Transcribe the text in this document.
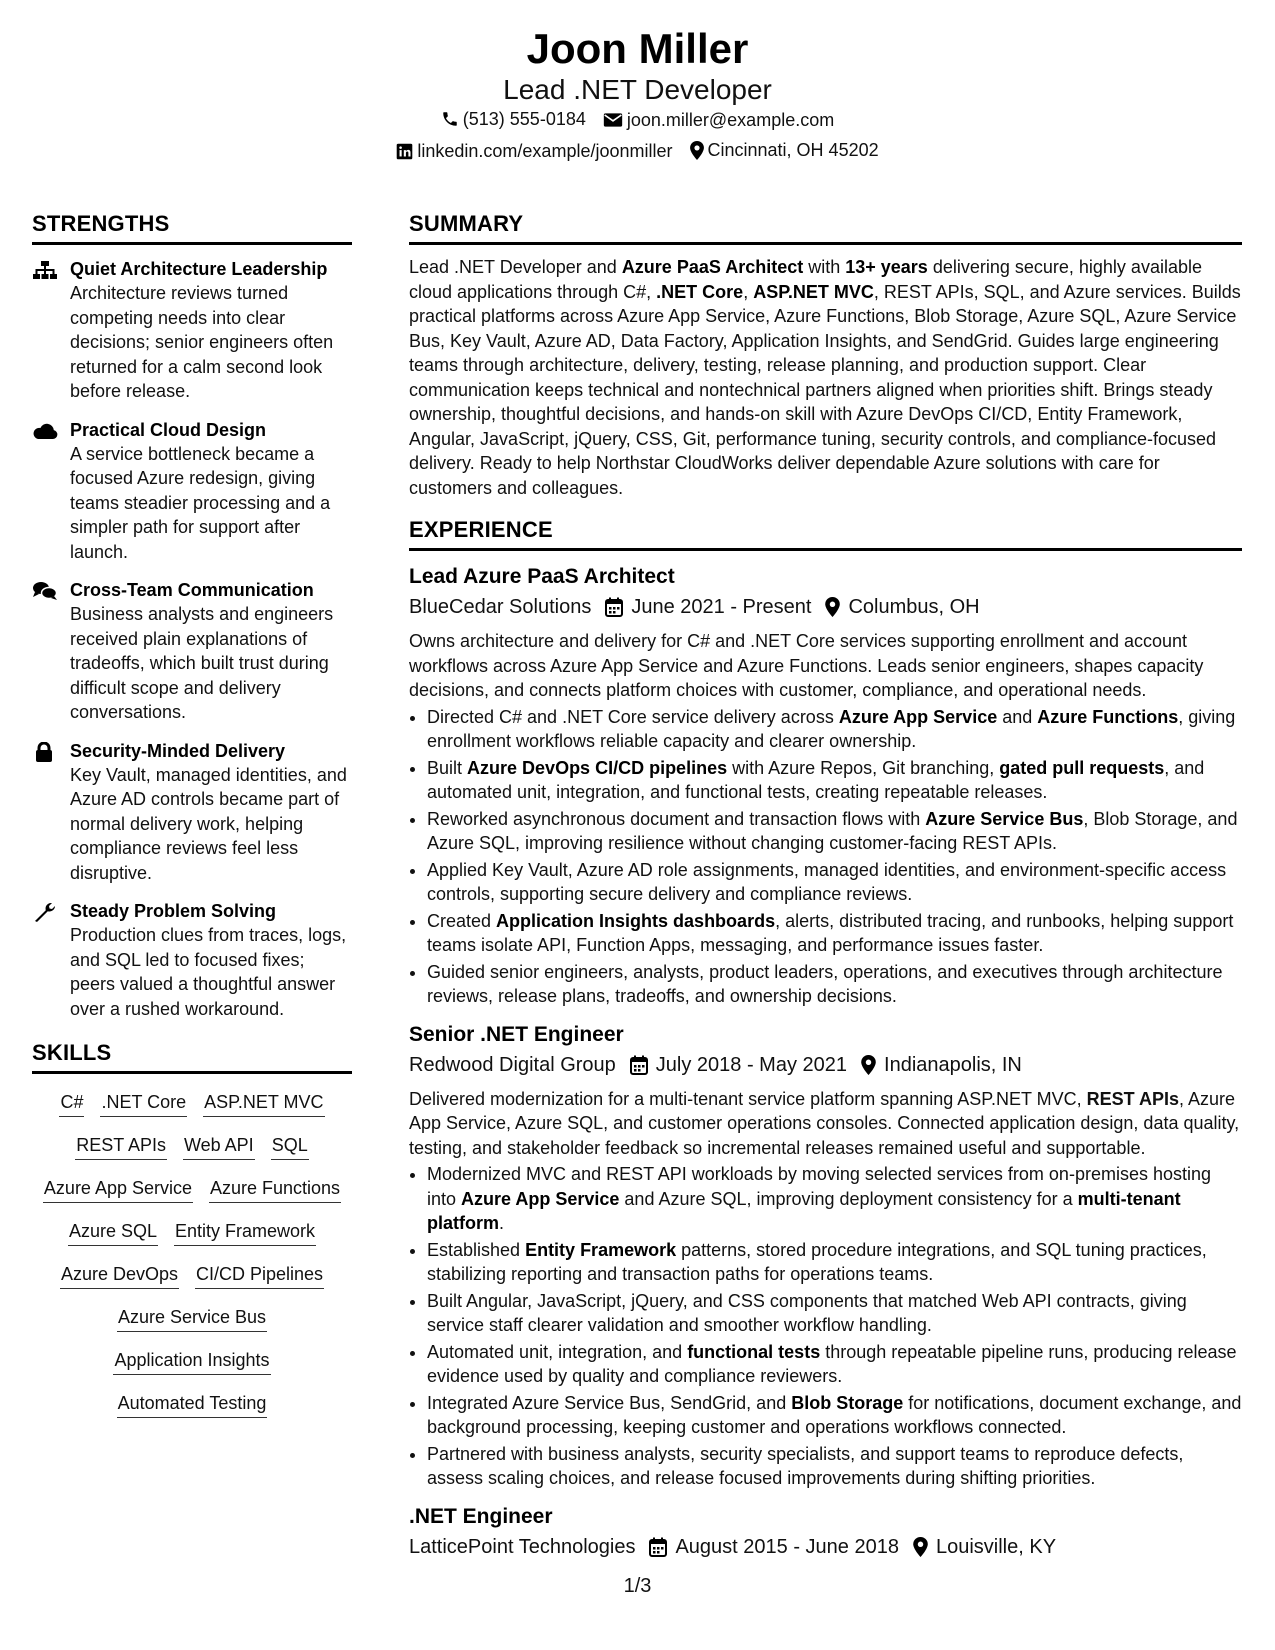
Joon Miller
Lead .NET Developer
(513) 555-0184
joon.miller@example.com
linkedin.com/example/joonmiller
Cincinnati, OH 45202
STRENGTHS
Quiet Architecture Leadership
Architecture reviews turned competing needs into clear decisions; senior engineers often returned for a calm second look before release.
Practical Cloud Design
A service bottleneck became a focused Azure redesign, giving teams steadier processing and a simpler path for support after launch.
Cross-Team Communication
Business analysts and engineers received plain explanations of tradeoffs, which built trust during difficult scope and delivery conversations.
Security-Minded Delivery
Key Vault, managed identities, and Azure AD controls became part of normal delivery work, helping compliance reviews feel less disruptive.
Steady Problem Solving
Production clues from traces, logs, and SQL led to focused fixes; peers valued a thoughtful answer over a rushed workaround.
SKILLS
C# .NET Core ASP.NET MVC
REST APIs Web API SQL
Azure App Service Azure Functions
Azure SQL Entity Framework
Azure DevOps CI/CD Pipelines
Azure Service Bus
Application Insights
Automated Testing
SUMMARY
Lead .NET Developer and Azure PaaS Architect with 13+ years delivering secure, highly available cloud applications through C#, .NET Core, ASP.NET MVC, REST APIs, SQL, and Azure services. Builds practical platforms across Azure App Service, Azure Functions, Blob Storage, Azure SQL, Azure Service Bus, Key Vault, Azure AD, Data Factory, Application Insights, and SendGrid. Guides large engineering teams through architecture, delivery, testing, release planning, and production support. Clear communication keeps technical and nontechnical partners aligned when priorities shift. Brings steady ownership, thoughtful decisions, and hands-on skill with Azure DevOps CI/CD, Entity Framework, Angular, JavaScript, jQuery, CSS, Git, performance tuning, security controls, and compliance-focused delivery. Ready to help Northstar CloudWorks deliver dependable Azure solutions with care for customers and colleagues.
EXPERIENCE
Lead Azure PaaS Architect
BlueCedar Solutions June 2021 - Present Columbus, OH
Owns architecture and delivery for C# and .NET Core services supporting enrollment and account workflows across Azure App Service and Azure Functions. Leads senior engineers, shapes capacity decisions, and connects platform choices with customer, compliance, and operational needs.
• Directed C# and .NET Core service delivery across Azure App Service and Azure Functions, giving enrollment workflows reliable capacity and clearer ownership.
• Built Azure DevOps CI/CD pipelines with Azure Repos, Git branching, gated pull requests, and automated unit, integration, and functional tests, creating repeatable releases.
• Reworked asynchronous document and transaction flows with Azure Service Bus, Blob Storage, and Azure SQL, improving resilience without changing customer-facing REST APIs.
• Applied Key Vault, Azure AD role assignments, managed identities, and environment-specific access controls, supporting secure delivery and compliance reviews.
• Created Application Insights dashboards, alerts, distributed tracing, and runbooks, helping support teams isolate API, Function Apps, messaging, and performance issues faster.
• Guided senior engineers, analysts, product leaders, operations, and executives through architecture reviews, release plans, tradeoffs, and ownership decisions.
Senior .NET Engineer
Redwood Digital Group July 2018 - May 2021 Indianapolis, IN
Delivered modernization for a multi-tenant service platform spanning ASP.NET MVC, REST APIs, Azure App Service, Azure SQL, and customer operations consoles. Connected application design, data quality, testing, and stakeholder feedback so incremental releases remained useful and supportable.
• Modernized MVC and REST API workloads by moving selected services from on-premises hosting into Azure App Service and Azure SQL, improving deployment consistency for a multi-tenant platform.
• Established Entity Framework patterns, stored procedure integrations, and SQL tuning practices, stabilizing reporting and transaction paths for operations teams.
• Built Angular, JavaScript, jQuery, and CSS components that matched Web API contracts, giving service staff clearer validation and smoother workflow handling.
• Automated unit, integration, and functional tests through repeatable pipeline runs, producing release evidence used by quality and compliance reviewers.
• Integrated Azure Service Bus, SendGrid, and Blob Storage for notifications, document exchange, and background processing, keeping customer and operations workflows connected.
• Partnered with business analysts, security specialists, and support teams to reproduce defects, assess scaling choices, and release focused improvements during shifting priorities.
.NET Engineer
LatticePoint Technologies August 2015 - June 2018 Louisville, KY
1/3
